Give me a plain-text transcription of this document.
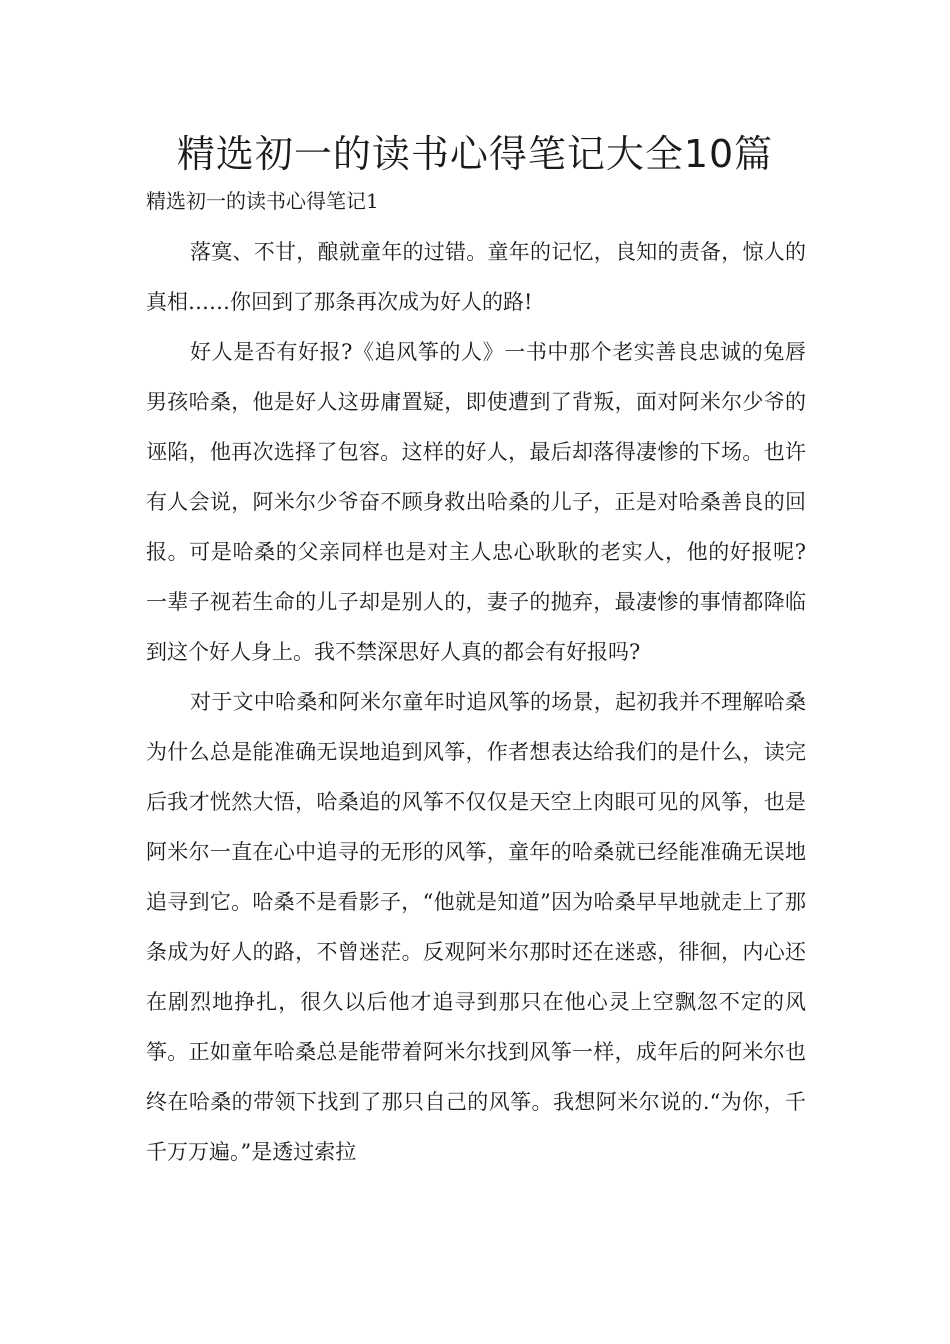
精选初一的读书心得笔记大全10篇
精选初一的读书心得笔记1

落寞、不甘，酿就童年的过错。童年的记忆，良知的责备，惊人的真相……你回到了那条再次成为好人的路!

好人是否有好报?《追风筝的人》一书中那个老实善良忠诚的兔唇男孩哈桑，他是好人这毋庸置疑，即使遭到了背叛，面对阿米尔少爷的诬陷，他再次选择了包容。这样的好人，最后却落得凄惨的下场。也许有人会说，阿米尔少爷奋不顾身救出哈桑的儿子，正是对哈桑善良的回报。可是哈桑的父亲同样也是对主人忠心耿耿的老实人，他的好报呢?一辈子视若生命的儿子却是别人的，妻子的抛弃，最凄惨的事情都降临到这个好人身上。我不禁深思好人真的都会有好报吗?

对于文中哈桑和阿米尔童年时追风筝的场景，起初我并不理解哈桑为什么总是能准确无误地追到风筝，作者想表达给我们的是什么，读完后我才恍然大悟，哈桑追的风筝不仅仅是天空上肉眼可见的风筝，也是阿米尔一直在心中追寻的无形的风筝，童年的哈桑就已经能准确无误地追寻到它。哈桑不是看影子，“他就是知道”因为哈桑早早地就走上了那条成为好人的路，不曾迷茫。反观阿米尔那时还在迷惑，徘徊，内心还在剧烈地挣扎，很久以后他才追寻到那只在他心灵上空飘忽不定的风筝。正如童年哈桑总是能带着阿米尔找到风筝一样，成年后的阿米尔也终在哈桑的带领下找到了那只自己的风筝。我想阿米尔说的.“为你，千千万万遍。”是透过索拉
